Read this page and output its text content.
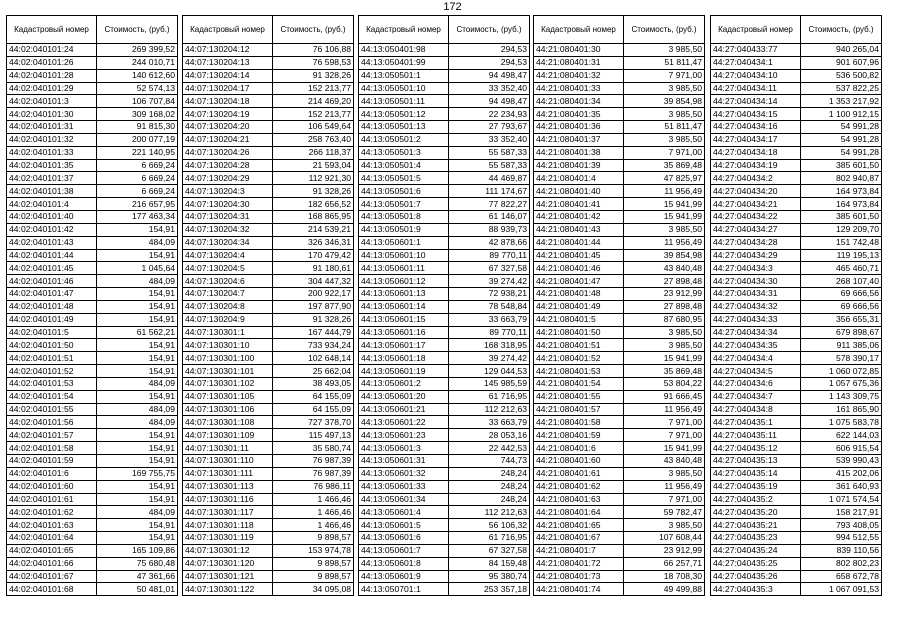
172
Кадастровый номер	Стоимость, (руб.)
44:02:040101:24	269 399,52
44:02:040101:26	244 010,71
44:02:040101:28	140 612,60
44:02:040101:29	52 574,13
44:02:040101:3	106 707,84
44:02:040101:30	309 168,02
44:02:040101:31	91 815,30
44:02:040101:32	200 077,19
44:02:040101:33	221 140,95
44:02:040101:35	6 669,24
44:02:040101:37	6 669,24
44:02:040101:38	6 669,24
44:02:040101:4	216 657,95
44:02:040101:40	177 463,34
44:02:040101:42	154,91
44:02:040101:43	484,09
44:02:040101:44	154,91
44:02:040101:45	1 045,64
44:02:040101:46	484,09
44:02:040101:47	154,91
44:02:040101:48	154,91
44:02:040101:49	154,91
44:02:040101:5	61 562,21
44:02:040101:50	154,91
44:02:040101:51	154,91
44:02:040101:52	154,91
44:02:040101:53	484,09
44:02:040101:54	154,91
44:02:040101:55	484,09
44:02:040101:56	484,09
44:02:040101:57	154,91
44:02:040101:58	154,91
44:02:040101:59	154,91
44:02:040101:6	169 755,75
44:02:040101:60	154,91
44:02:040101:61	154,91
44:02:040101:62	484,09
44:02:040101:63	154,91
44:02:040101:64	154,91
44:02:040101:65	165 109,86
44:02:040101:66	75 680,48
44:02:040101:67	47 361,66
44:02:040101:68	50 481,01
Кадастровый номер	Стоимость, (руб.)
44:07:130204:12	76 106,88
44:07:130204:13	76 598,53
44:07:130204:14	91 328,26
44:07:130204:17	152 213,77
44:07:130204:18	214 469,20
44:07:130204:19	152 213,77
44:07:130204:20	106 549,64
44:07:130204:21	258 763,40
44:07:130204:26	266 118,37
44:07:130204:28	21 593,04
44:07:130204:29	112 921,30
44:07:130204:3	91 328,26
44:07:130204:30	182 656,52
44:07:130204:31	168 865,95
44:07:130204:32	214 539,21
44:07:130204:34	326 346,31
44:07:130204:4	170 479,42
44:07:130204:5	91 180,61
44:07:130204:6	304 447,32
44:07:130204:7	200 922,17
44:07:130204:8	197 877,90
44:07:130204:9	91 328,26
44:07:130301:1	167 444,79
44:07:130301:10	733 934,24
44:07:130301:100	102 648,14
44:07:130301:101	25 662,04
44:07:130301:102	38 493,05
44:07:130301:105	64 155,09
44:07:130301:106	64 155,09
44:07:130301:108	727 378,70
44:07:130301:109	115 497,13
44:07:130301:11	35 580,74
44:07:130301:110	76 987,39
44:07:130301:111	76 987,39
44:07:130301:113	76 986,11
44:07:130301:116	1 466,46
44:07:130301:117	1 466,46
44:07:130301:118	1 466,46
44:07:130301:119	9 898,57
44:07:130301:12	153 974,78
44:07:130301:120	9 898,57
44:07:130301:121	9 898,57
44:07:130301:122	34 095,08
Кадастровый номер	Стоимость, (руб.)
44:13:050401:98	294,53
44:13:050401:99	294,53
44:13:050501:1	94 498,47
44:13:050501:10	33 352,40
44:13:050501:11	94 498,47
44:13:050501:12	22 234,93
44:13:050501:13	27 793,67
44:13:050501:2	33 352,40
44:13:050501:3	55 587,33
44:13:050501:4	55 587,33
44:13:050501:5	44 469,87
44:13:050501:6	111 174,67
44:13:050501:7	77 822,27
44:13:050501:8	61 146,07
44:13:050501:9	88 939,73
44:13:050601:1	42 878,66
44:13:050601:10	89 770,11
44:13:050601:11	67 327,58
44:13:050601:12	39 274,42
44:13:050601:13	72 938,21
44:13:050601:14	78 548,84
44:13:050601:15	33 663,79
44:13:050601:16	89 770,11
44:13:050601:17	168 318,95
44:13:050601:18	39 274,42
44:13:050601:19	129 044,53
44:13:050601:2	145 985,59
44:13:050601:20	61 716,95
44:13:050601:21	112 212,63
44:13:050601:22	33 663,79
44:13:050601:23	28 053,16
44:13:050601:3	22 442,53
44:13:050601:31	744,73
44:13:050601:32	248,24
44:13:050601:33	248,24
44:13:050601:34	248,24
44:13:050601:4	112 212,63
44:13:050601:5	56 106,32
44:13:050601:6	61 716,95
44:13:050601:7	67 327,58
44:13:050601:8	84 159,48
44:13:050601:9	95 380,74
44:13:050701:1	253 357,18
Кадастровый номер	Стоимость, (руб.)
44:21:080401:30	3 985,50
44:21:080401:31	51 811,47
44:21:080401:32	7 971,00
44:21:080401:33	3 985,50
44:21:080401:34	39 854,98
44:21:080401:35	3 985,50
44:21:080401:36	51 811,47
44:21:080401:37	3 985,50
44:21:080401:38	7 971,00
44:21:080401:39	35 869,48
44:21:080401:4	47 825,97
44:21:080401:40	11 956,49
44:21:080401:41	15 941,99
44:21:080401:42	15 941,99
44:21:080401:43	3 985,50
44:21:080401:44	11 956,49
44:21:080401:45	39 854,98
44:21:080401:46	43 840,48
44:21:080401:47	27 898,48
44:21:080401:48	23 912,99
44:21:080401:49	27 898,48
44:21:080401:5	87 680,95
44:21:080401:50	3 985,50
44:21:080401:51	3 985,50
44:21:080401:52	15 941,99
44:21:080401:53	35 869,48
44:21:080401:54	53 804,22
44:21:080401:55	91 666,45
44:21:080401:57	11 956,49
44:21:080401:58	7 971,00
44:21:080401:59	7 971,00
44:21:080401:6	15 941,99
44:21:080401:60	43 840,48
44:21:080401:61	3 985,50
44:21:080401:62	11 956,49
44:21:080401:63	7 971,00
44:21:080401:64	59 782,47
44:21:080401:65	3 985,50
44:21:080401:67	107 608,44
44:21:080401:7	23 912,99
44:21:080401:72	66 257,71
44:21:080401:73	18 708,30
44:21:080401:74	49 499,88
Кадастровый номер	Стоимость, (руб.)
44:27:040433:77	940 265,04
44:27:040434:1	901 607,96
44:27:040434:10	536 500,82
44:27:040434:11	537 822,25
44:27:040434:14	1 353 217,92
44:27:040434:15	1 100 912,15
44:27:040434:16	54 991,28
44:27:040434:17	54 991,28
44:27:040434:18	54 991,28
44:27:040434:19	385 601,50
44:27:040434:2	802 940,87
44:27:040434:20	164 973,84
44:27:040434:21	164 973,84
44:27:040434:22	385 601,50
44:27:040434:27	129 209,70
44:27:040434:28	151 742,48
44:27:040434:29	119 195,13
44:27:040434:3	465 460,71
44:27:040434:30	268 107,40
44:27:040434:31	69 666,56
44:27:040434:32	69 666,56
44:27:040434:33	356 655,31
44:27:040434:34	679 898,67
44:27:040434:35	911 385,06
44:27:040434:4	578 390,17
44:27:040434:5	1 060 072,85
44:27:040434:6	1 057 675,36
44:27:040434:7	1 143 309,75
44:27:040434:8	161 865,90
44:27:040435:1	1 075 583,78
44:27:040435:11	622 144,03
44:27:040435:12	606 915,54
44:27:040435:13	539 990,43
44:27:040435:14	415 202,06
44:27:040435:19	361 640,93
44:27:040435:2	1 071 574,54
44:27:040435:20	158 217,91
44:27:040435:21	793 408,05
44:27:040435:23	994 512,55
44:27:040435:24	839 110,56
44:27:040435:25	802 802,23
44:27:040435:26	658 672,78
44:27:040435:3	1 067 091,53
